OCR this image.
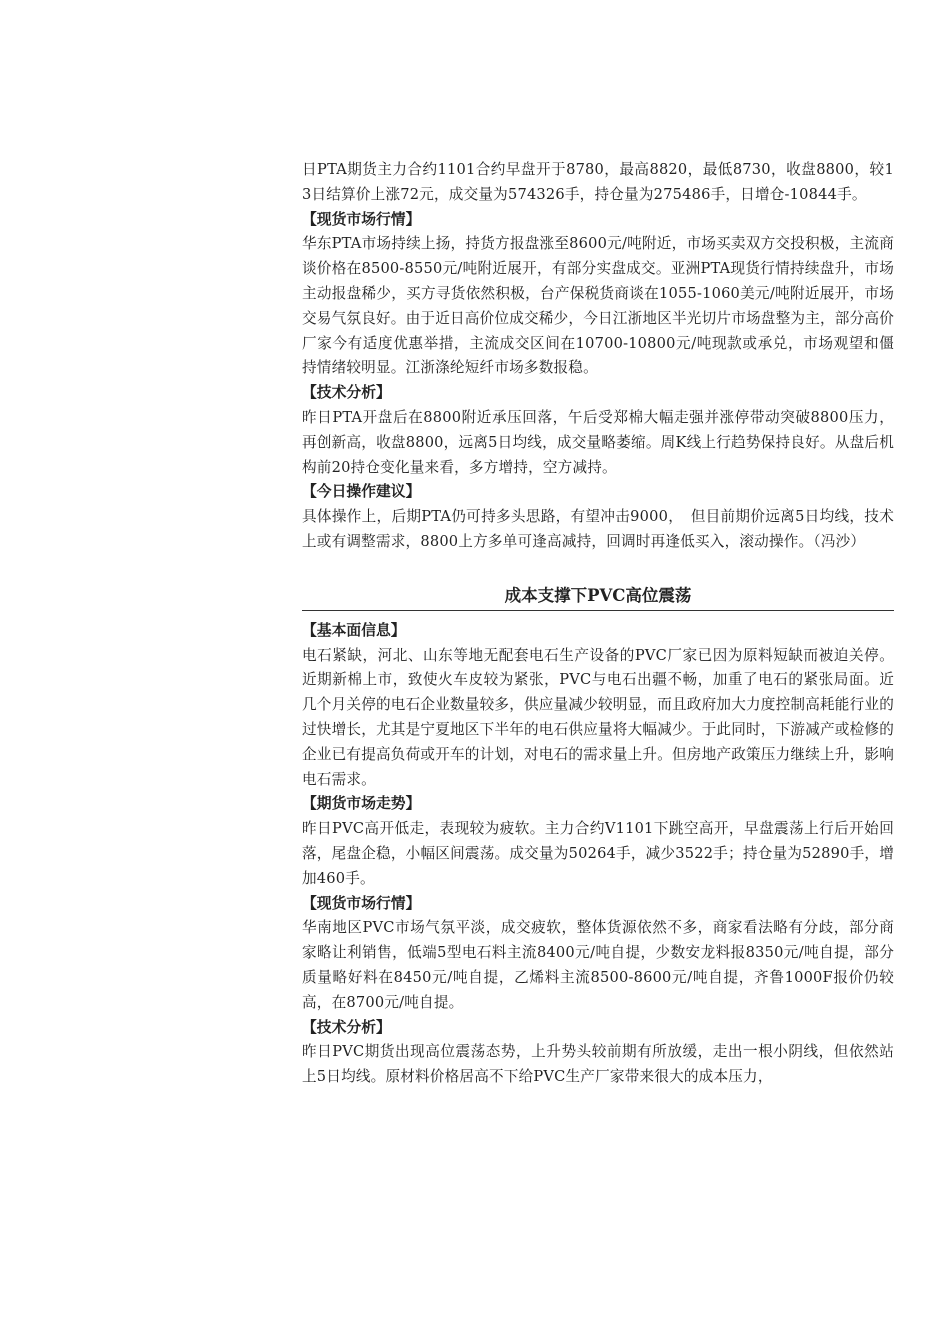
日PTA期货主力合约1101合约早盘开于8780，最高8820，最低8730，收盘8800，较13日结算价上涨72元，成交量为574326手，持仓量为275486手，日增仓-10844手。

【现货市场行情】

华东PTA市场持续上扬，持货方报盘涨至8600元/吨附近，市场买卖双方交投积极，主流商谈价格在8500-8550元/吨附近展开，有部分实盘成交。亚洲PTA现货行情持续盘升，市场主动报盘稀少，买方寻货依然积极，台产保税货商谈在1055-1060美元/吨附近展开，市场交易气氛良好。由于近日高价位成交稀少，今日江浙地区半光切片市场盘整为主，部分高价厂家今有适度优惠举措，主流成交区间在10700-10800元/吨现款或承兑，市场观望和僵持情绪较明显。江浙涤纶短纤市场多数报稳。

【技术分析】

昨日PTA开盘后在8800附近承压回落，午后受郑棉大幅走强并涨停带动突破8800压力，再创新高，收盘8800，远离5日均线，成交量略萎缩。周K线上行趋势保持良好。从盘后机构前20持仓变化量来看，多方增持，空方减持。

【今日操作建议】

具体操作上，后期PTA仍可持多头思路，有望冲击9000，　但目前期价远离5日均线，技术上或有调整需求，8800上方多单可逢高减持，回调时再逢低买入，滚动操作。（冯沙）

成本支撑下PVC高位震荡
【基本面信息】

电石紧缺，河北、山东等地无配套电石生产设备的PVC厂家已因为原料短缺而被迫关停。近期新棉上市，致使火车皮较为紧张，PVC与电石出疆不畅，加重了电石的紧张局面。近几个月关停的电石企业数量较多，供应量减少较明显，而且政府加大力度控制高耗能行业的过快增长，尤其是宁夏地区下半年的电石供应量将大幅减少。于此同时，下游减产或检修的企业已有提高负荷或开车的计划，对电石的需求量上升。但房地产政策压力继续上升，影响电石需求。

【期货市场走势】

昨日PVC高开低走，表现较为疲软。主力合约V1101下跳空高开，早盘震荡上行后开始回落，尾盘企稳，小幅区间震荡。成交量为50264手，减少3522手；持仓量为52890手，增加460手。

【现货市场行情】

华南地区PVC市场气氛平淡，成交疲软，整体货源依然不多，商家看法略有分歧，部分商家略让利销售，低端5型电石料主流8400元/吨自提，少数安龙料报8350元/吨自提，部分质量略好料在8450元/吨自提，乙烯料主流8500-8600元/吨自提，齐鲁1000F报价仍较高，在8700元/吨自提。

【技术分析】

昨日PVC期货出现高位震荡态势，上升势头较前期有所放缓，走出一根小阴线，但依然站上5日均线。原材料价格居高不下给PVC生产厂家带来很大的成本压力，
